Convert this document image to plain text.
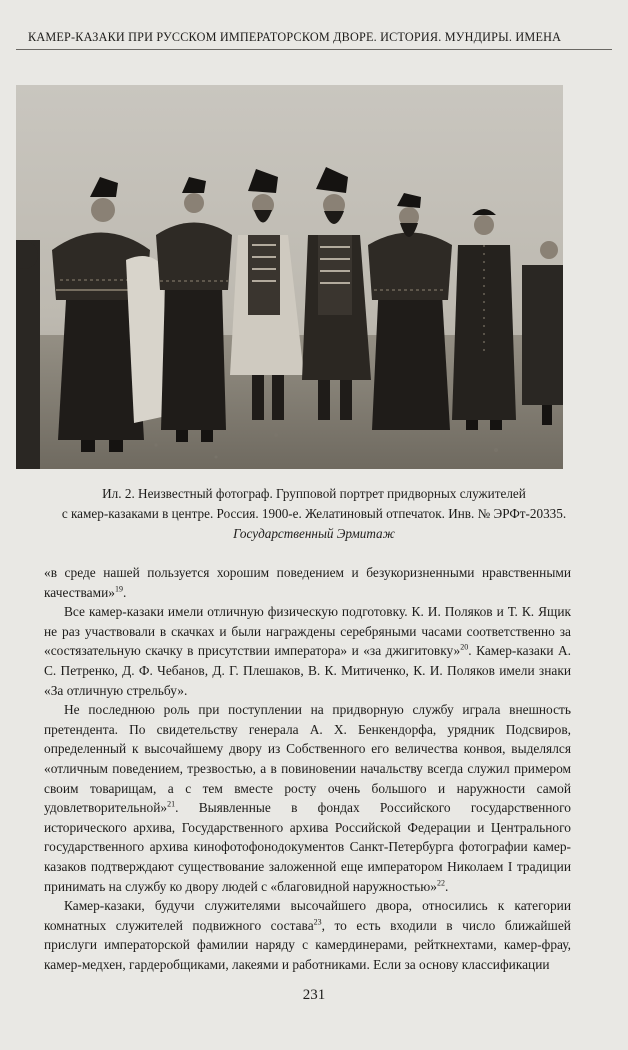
КАМЕР-КАЗАКИ ПРИ РУССКОМ ИМПЕРАТОРСКОМ ДВОРЕ. ИСТОРИЯ. МУНДИРЫ. ИМЕНА
Ил. 2. Неизвестный фотограф. Групповой портрет придворных служителей
с камер-казаками в центре. Россия. 1900-е. Желатиновый отпечаток. Инв. № ЭРФт-20335.
Государственный Эрмитаж

«в среде нашей пользуется хорошим поведением и безукоризненными нравственными качествами»$^{19}$.

Все камер-казаки имели отличную физическую подготовку. К. И. Поляков и Т. К. Ящик не раз участвовали в скачках и были награждены серебряными часами соответственно за «состязательную скачку в присутствии императора» и «за джигитовку»$^{20}$. Камер-казаки А. С. Петренко, Д. Ф. Чебанов, Д. Г. Плешаков, В. К. Митиченко, К. И. Поляков имели знаки «За отличную стрельбу».

Не последнюю роль при поступлении на придворную службу играла внешность претендента. По свидетельству генерала А. Х. Бенкендорфа, урядник Подсвиров, определенный к высочайшему двору из Собственного его величества конвоя, выделялся «отличным поведением, трезвостью, а в повиновении начальству всегда служил примером своим товарищам, а с тем вместе росту очень большого и наружности самой удовлетворительной»$^{21}$. Выявленные в фондах Российского государственного исторического архива, Государственного архива Российской Федерации и Центрального государственного архива кинофотофонодокументов Санкт-Петербурга фотографии камер-казаков подтверждают существование заложенной еще императором Николаем I традиции принимать на службу ко двору людей с «благовидной наружностью»$^{22}$.

Камер-казаки, будучи служителями высочайшего двора, относились к категории комнатных служителей подвижного состава$^{23}$, то есть входили в число ближайшей прислуги императорской фамилии наряду с камердинерами, рейткнехтами, камер-фрау, камер-медхен, гардеробщиками, лакеями и работниками. Если за основу классификации

231
